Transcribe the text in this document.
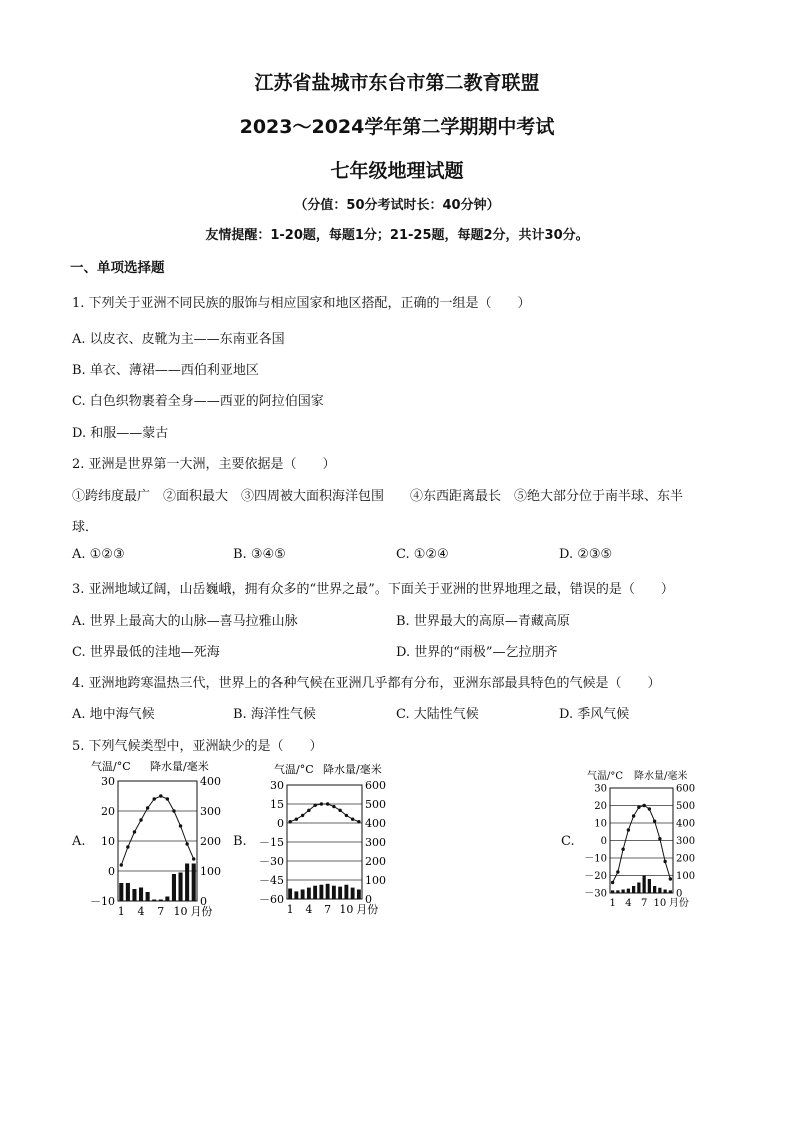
江苏省盐城市东台市第二教育联盟
2023～2024学年第二学期期中考试
七年级地理试题
（分值：50分考试时长：40分钟）
友情提醒：1-20题，每题1分；21-25题，每题2分，共计30分。
一、单项选择题
1. 下列关于亚洲不同民族的服饰与相应国家和地区搭配，正确的一组是（　　）
A. 以皮衣、皮靴为主——东南亚各国
B. 单衣、薄裙——西伯利亚地区
C. 白色织物裹着全身——西亚的阿拉伯国家
D. 和服——蒙古
2. 亚洲是世界第一大洲，主要依据是（　　）
①跨纬度最广　②面积最大　③四周被大面积海洋包围　　④东西距离最长　⑤绝大部分位于南半球、东半
球．
A. ①②③	B. ③④⑤	C. ①②④	D. ②③⑤
3. 亚洲地域辽阔，山岳巍峨，拥有众多的“世界之最”。下面关于亚洲的世界地理之最，错误的是（　　）
A. 世界上最高大的山脉—喜马拉雅山脉	B. 世界最大的高原—青藏高原
C. 世界最低的洼地—死海	D. 世界的“雨极”—乞拉朋齐
4. 亚洲地跨寒温热三代，世界上的各种气候在亚洲几乎都有分布，亚洲东部最具特色的气候是（　　）
A. 地中海气候	B. 海洋性气候	C. 大陆性气候	D. 季风气候
5. 下列气候类型中，亚洲缺少的是（　　）
A.	B.	C.
气温/°C 降水量/毫米
30	400
20	300
10	200
0	100
－10	0
1 4 7 10 月份
气温/°C 降水量/毫米
30	600
15	500
0	400
－15	300
－30	200
－45	100
－60	0
1 4 7 10 月份
气温/°C 降水量/毫米
30	600
20	500
10	400
0	300
－10	200
－20	100
－30	0
1 4 7 10 月份
